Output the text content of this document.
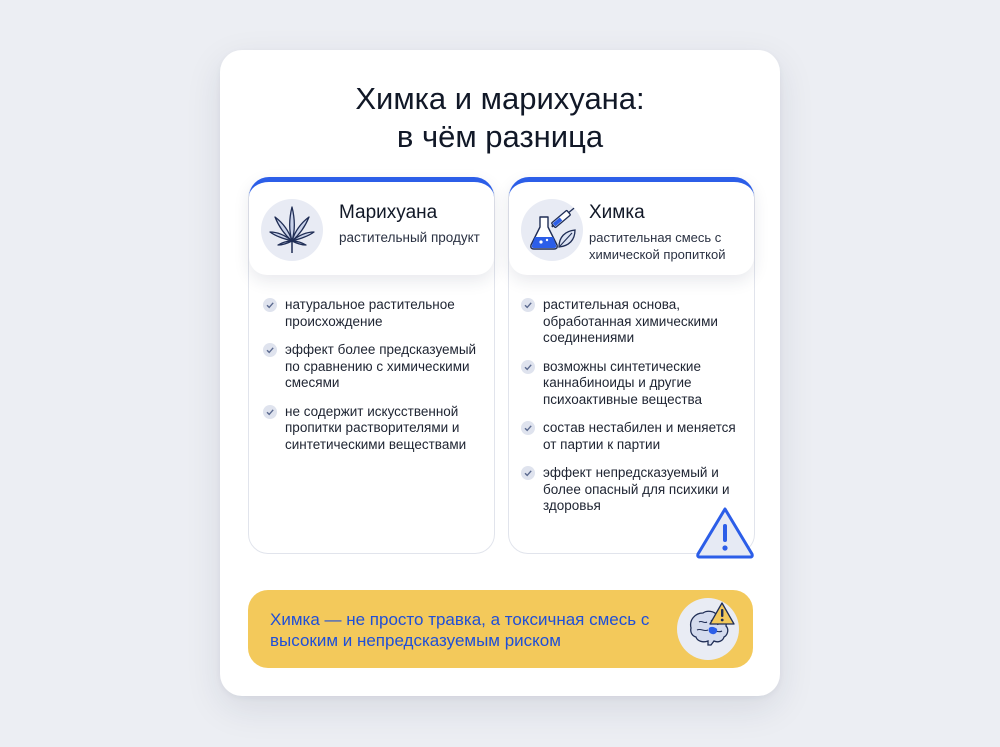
Химка и марихуана:
в чём разница
Марихуана
растительный продукт
натуральное растительное происхождение
эффект более предсказуемый по сравнению с химическими смесями
не содержит искусственной пропитки растворителями и синтетическими веществами
Химка
растительная смесь с химической пропиткой
растительная основа, обработанная химическими соединениями
возможны синтетические каннабиноиды и другие психоактивные вещества
состав нестабилен и меняется от партии к партии
эффект непредсказуемый и более опасный для психики и здоровья
Химка — не просто травка, а токсичная смесь с высоким и непредсказуемым риском
